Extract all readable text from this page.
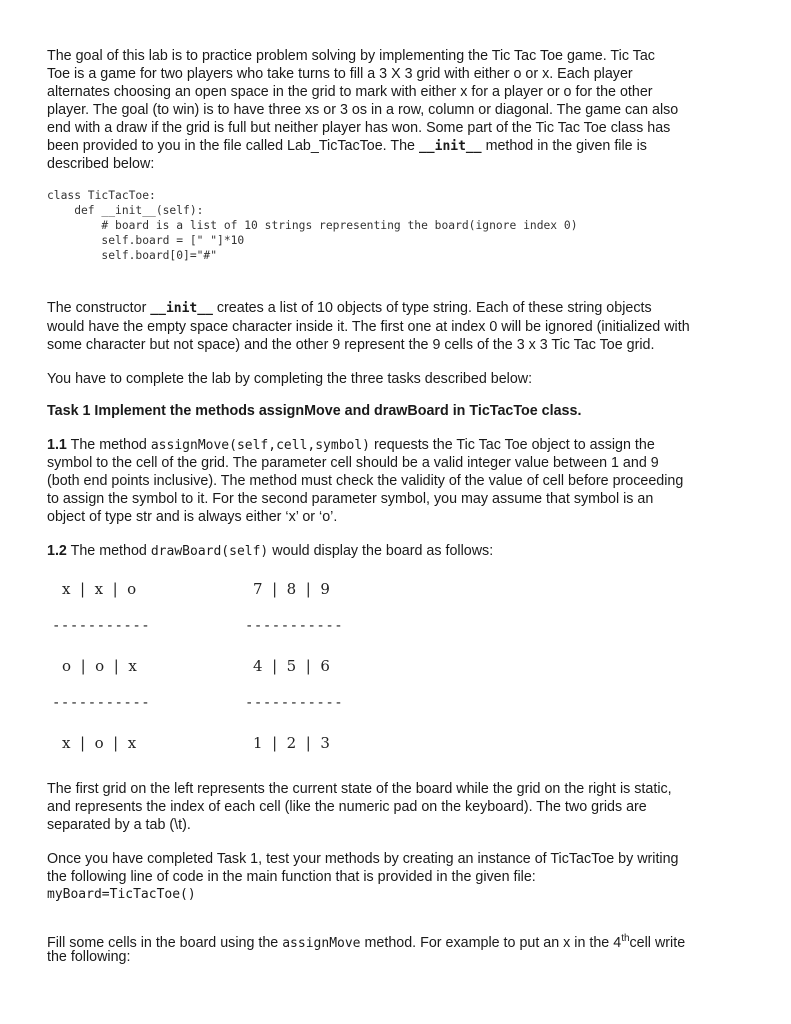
The goal of this lab is to practice problem solving by implementing the Tic Tac Toe game. Tic Tac

Toe is a game for two players who take turns to fill a 3 X 3 grid with either o or x. Each player

alternates choosing an open space in the grid to mark with either x for a player or o for the other

player. The goal (to win) is to have three xs or 3 os in a row, column or diagonal. The game can also

end with a draw if the grid is full but neither player has won. Some part of the Tic Tac Toe class has

been provided to you in the file called Lab_TicTacToe. The __init__ method in the given file is

described below:

class TicTacToe:

def __init__(self):

# board is a list of 10 strings representing the board(ignore index 0)

self.board = [" "]*10

self.board[0]="#"

The constructor __init__ creates a list of 10 objects of type string. Each of these string objects

would have the empty space character inside it. The first one at index 0 will be ignored (initialized with

some character but not space) and the other 9 represent the 9 cells of the 3 x 3 Tic Tac Toe grid.

You have to complete the lab by completing the three tasks described below:

Task 1 Implement the methods assignMove and drawBoard in TicTacToe class.

1.1 The method assignMove(self,cell,symbol) requests the Tic Tac Toe object to assign the

symbol to the cell of the grid. The parameter cell should be a valid integer value between 1 and 9

(both end points inclusive). The method must check the validity of the value of cell before proceeding

to assign the symbol to it. For the second parameter symbol, you may assume that symbol is an

object of type str and is always either ‘x’ or ‘o’.

1.2 The method drawBoard(self) would display the board as follows:

x  |  x  |  o	7  |  8  |  9
-----------	-----------
o  |  o  |  x	4  |  5  |  6
-----------	-----------
x  |  o  |  x	1  |  2  |  3

The first grid on the left represents the current state of the board while the grid on the right is static,

and represents the index of each cell (like the numeric pad on the keyboard). The two grids are

separated by a tab (\t).

Once you have completed Task 1, test your methods by creating an instance of TicTacToe by writing

the following line of code in the main function that is provided in the given file:

myBoard=TicTacToe()

Fill some cells in the board using the assignMove method. For example to put an x in the 4thcell write

the following:
